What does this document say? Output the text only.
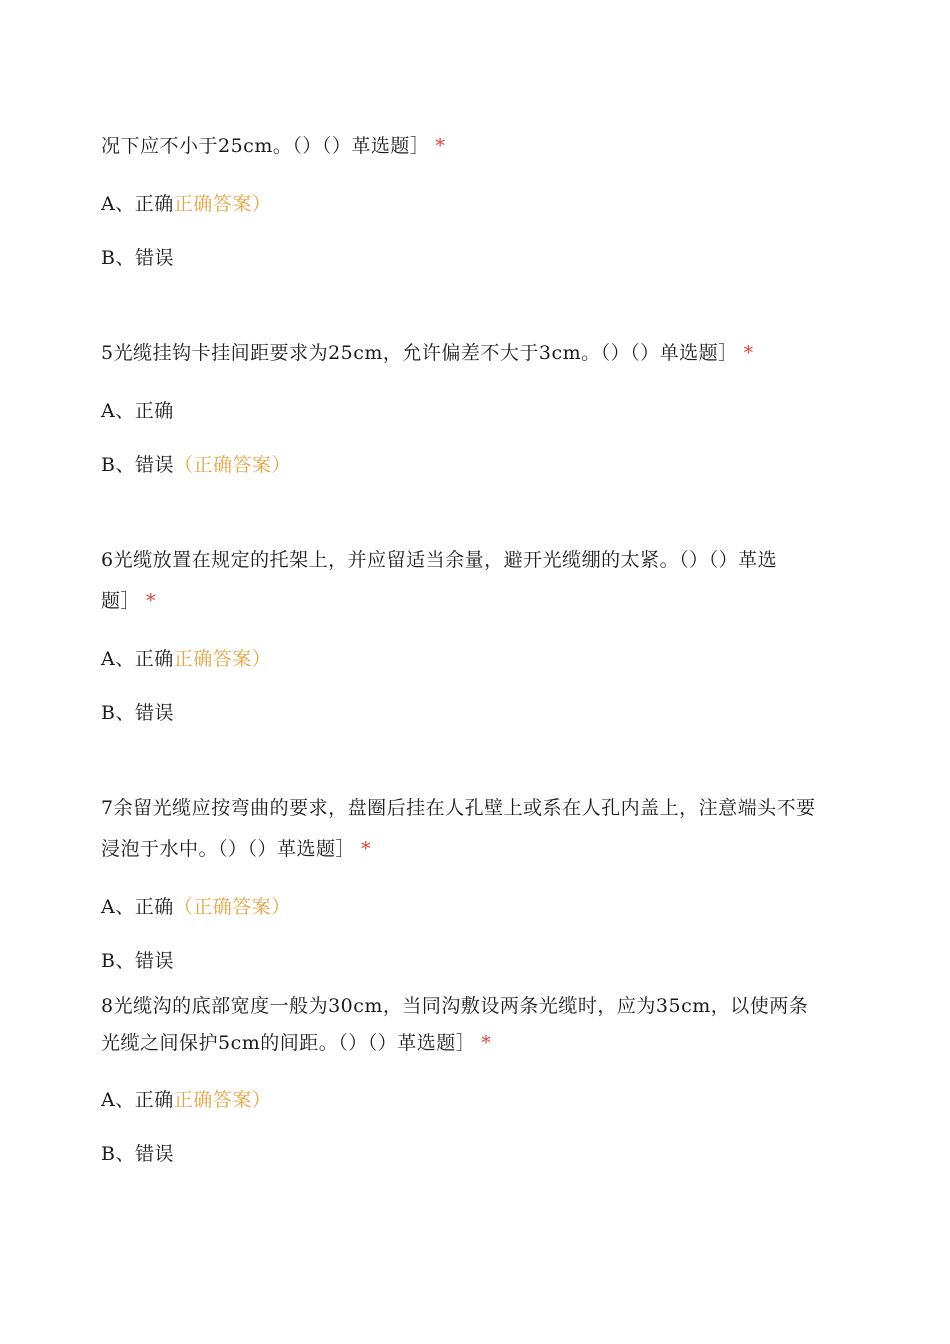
况下应不小于25cm。（）（）革选题］ *
A、正确正确答案）
B、错误
5光缆挂钩卡挂间距要求为25cm，允许偏差不大于3cm。（）（）单选题］ *
A、正确
B、错误（正确答案）
6光缆放置在规定的托架上，并应留适当余量，避开光缆绷的太紧。（）（）革选
题］ *
A、正确正确答案）
B、错误
7余留光缆应按弯曲的要求，盘圈后挂在人孔壁上或系在人孔内盖上，注意端头不要
浸泡于水中。（）（）革选题］ *
A、正确（正确答案）
B、错误
8光缆沟的底部宽度一般为30cm，当同沟敷设两条光缆时，应为35cm，以使两条
光缆之间保护5cm的间距。（）（）革选题］ *
A、正确正确答案）
B、错误
